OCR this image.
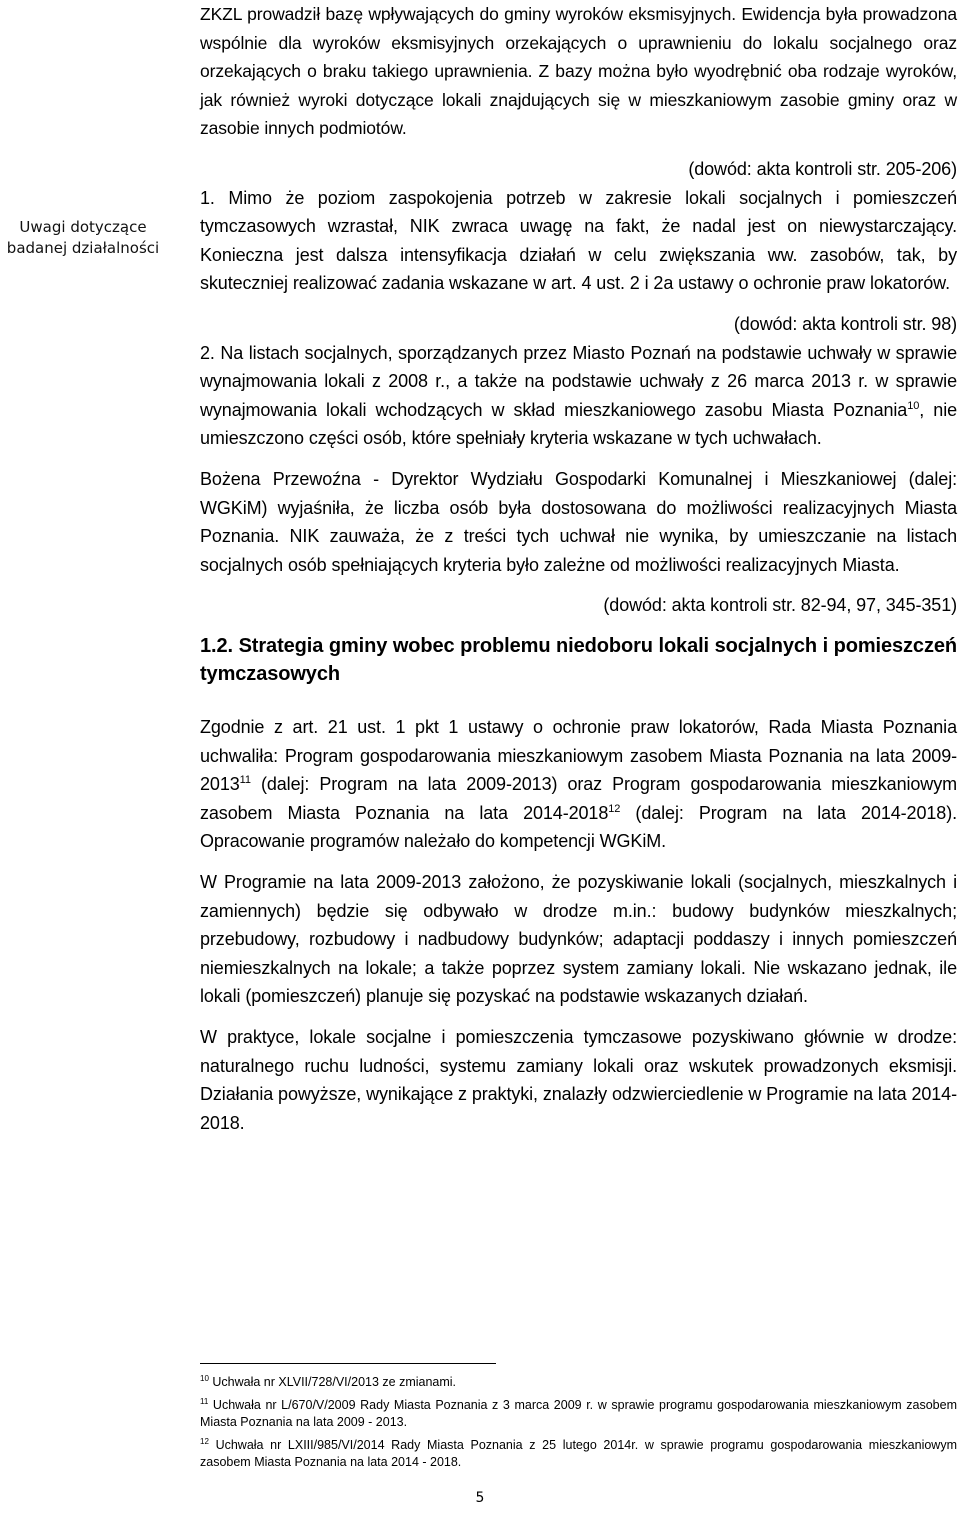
Uwagi dotyczące badanej działalności

ZKZL prowadził bazę wpływających do gminy wyroków eksmisyjnych. Ewidencja była prowadzona wspólnie dla wyroków eksmisyjnych orzekających o uprawnieniu do lokalu socjalnego oraz orzekających o braku takiego uprawnienia. Z bazy można było wyodrębnić oba rodzaje wyroków, jak również wyroki dotyczące lokali znajdujących się w mieszkaniowym zasobie gminy oraz w zasobie innych podmiotów.

(dowód: akta kontroli str. 205-206)

1. Mimo że poziom zaspokojenia potrzeb w zakresie lokali socjalnych i pomieszczeń tymczasowych wzrastał, NIK zwraca uwagę na fakt, że nadal jest on niewystarczający. Konieczna jest dalsza intensyfikacja działań w celu zwiększania ww. zasobów, tak, by skuteczniej realizować zadania wskazane w art. 4 ust. 2 i 2a ustawy o ochronie praw lokatorów.

(dowód: akta kontroli str. 98)

2. Na listach socjalnych, sporządzanych przez Miasto Poznań na podstawie uchwały w sprawie wynajmowania lokali z 2008 r., a także na podstawie uchwały z 26 marca 2013 r. w sprawie wynajmowania lokali wchodzących w skład mieszkaniowego zasobu Miasta Poznania$^{10}$, nie umieszczono części osób, które spełniały kryteria wskazane w tych uchwałach.

Bożena Przewoźna - Dyrektor Wydziału Gospodarki Komunalnej i Mieszkaniowej (dalej: WGKiM) wyjaśniła, że liczba osób była dostosowana do możliwości realizacyjnych Miasta Poznania. NIK zauważa, że z treści tych uchwał nie wynika, by umieszczanie na listach socjalnych osób spełniających kryteria było zależne od możliwości realizacyjnych Miasta.

(dowód: akta kontroli str. 82-94, 97, 345-351)

1.2. Strategia gminy wobec problemu niedoboru lokali socjalnych i pomieszczeń tymczasowych

Zgodnie z art. 21 ust. 1 pkt 1 ustawy o ochronie praw lokatorów, Rada Miasta Poznania uchwaliła: Program gospodarowania mieszkaniowym zasobem Miasta Poznania na lata 2009-2013$^{11}$ (dalej: Program na lata 2009-2013) oraz Program gospodarowania mieszkaniowym zasobem Miasta Poznania na lata 2014-2018$^{12}$ (dalej: Program na lata 2014-2018). Opracowanie programów należało do kompetencji WGKiM.

W Programie na lata 2009-2013 założono, że pozyskiwanie lokali (socjalnych, mieszkalnych i zamiennych) będzie się odbywało w drodze m.in.: budowy budynków mieszkalnych; przebudowy, rozbudowy i nadbudowy budynków; adaptacji poddaszy i innych pomieszczeń niemieszkalnych na lokale; a także poprzez system zamiany lokali. Nie wskazano jednak, ile lokali (pomieszczeń) planuje się pozyskać na podstawie wskazanych działań.

W praktyce, lokale socjalne i pomieszczenia tymczasowe pozyskiwano głównie w drodze: naturalnego ruchu ludności, systemu zamiany lokali oraz wskutek prowadzonych eksmisji. Działania powyższe, wynikające z praktyki, znalazły odzwierciedlenie w Programie na lata 2014-2018.

$^{10}$ Uchwała nr XLVII/728/VI/2013 ze zmianami.

$^{11}$ Uchwała nr L/670/V/2009 Rady Miasta Poznania z 3 marca 2009 r. w sprawie programu gospodarowania mieszkaniowym zasobem Miasta Poznania na lata 2009 - 2013.

$^{12}$ Uchwała nr LXIII/985/VI/2014 Rady Miasta Poznania z 25 lutego 2014r. w sprawie programu gospodarowania mieszkaniowym zasobem Miasta Poznania na lata 2014 - 2018.

5
